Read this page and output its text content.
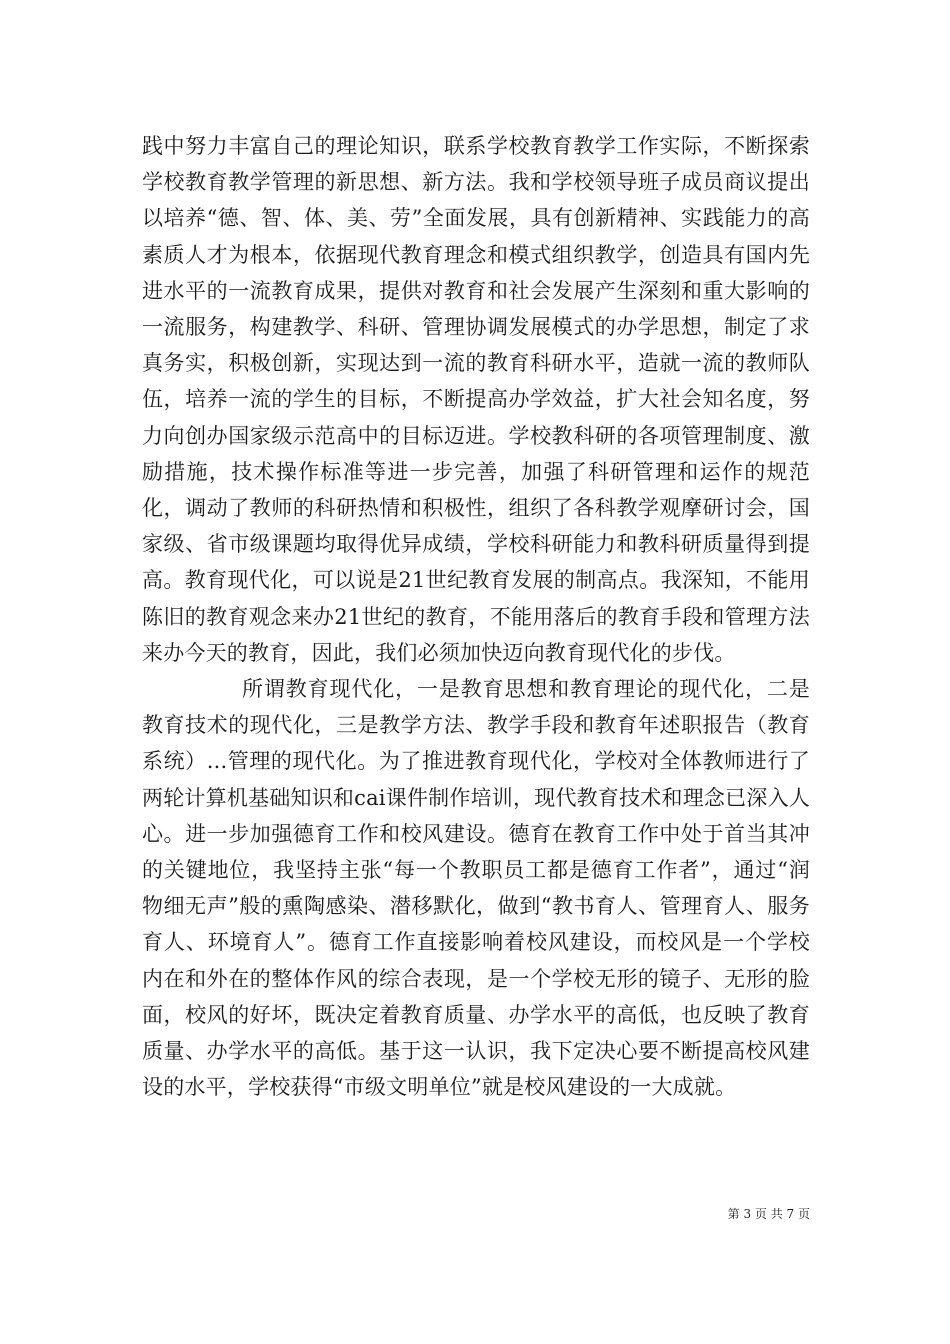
践中努力丰富自己的理论知识，联系学校教育教学工作实际，不断探索学校教育教学管理的新思想、新方法。我和学校领导班子成员商议提出以培养“德、智、体、美、劳”全面发展，具有创新精神、实践能力的高素质人才为根本，依据现代教育理念和模式组织教学，创造具有国内先进水平的一流教育成果，提供对教育和社会发展产生深刻和重大影响的一流服务，构建教学、科研、管理协调发展模式的办学思想，制定了求真务实，积极创新，实现达到一流的教育科研水平，造就一流的教师队伍，培养一流的学生的目标，不断提高办学效益，扩大社会知名度，努力向创办国家级示范高中的目标迈进。学校教科研的各项管理制度、激励措施，技术操作标准等进一步完善，加强了科研管理和运作的规范化，调动了教师的科研热情和积极性，组织了各科教学观摩研讨会，国家级、省市级课题均取得优异成绩，学校科研能力和教科研质量得到提高。教育现代化，可以说是21世纪教育发展的制高点。我深知，不能用陈旧的教育观念来办21世纪的教育，不能用落后的教育手段和管理方法来办今天的教育，因此，我们必须加快迈向教育现代化的步伐。

所谓教育现代化，一是教育思想和教育理论的现代化，二是教育技术的现代化，三是教学方法、教学手段和教育年述职报告（教育系统）...管理的现代化。为了推进教育现代化，学校对全体教师进行了两轮计算机基础知识和cai课件制作培训，现代教育技术和理念已深入人心。进一步加强德育工作和校风建设。德育在教育工作中处于首当其冲的关键地位，我坚持主张“每一个教职员工都是德育工作者”，通过“润物细无声”般的熏陶感染、潜移默化，做到“教书育人、管理育人、服务育人、环境育人”。德育工作直接影响着校风建设，而校风是一个学校内在和外在的整体作风的综合表现，是一个学校无形的镜子、无形的脸面，校风的好坏，既决定着教育质量、办学水平的高低，也反映了教育质量、办学水平的高低。基于这一认识，我下定决心要不断提高校风建设的水平，学校获得“市级文明单位”就是校风建设的一大成就。

第 3 页 共 7 页
